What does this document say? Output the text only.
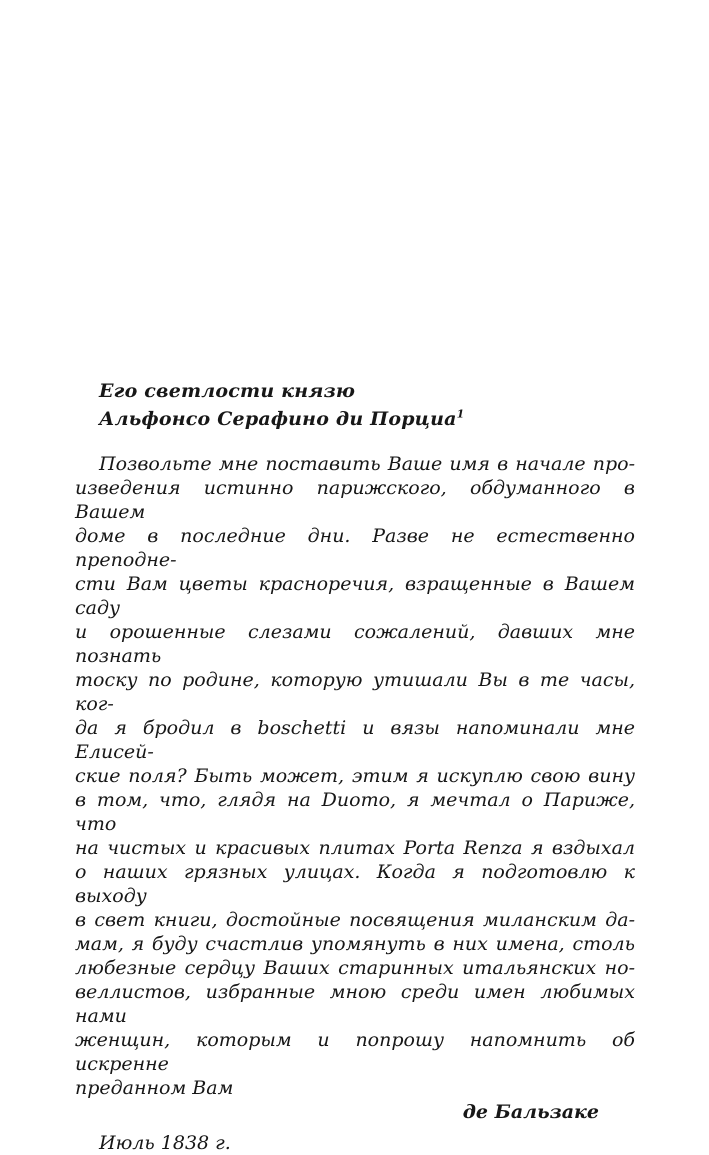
Его светлости князю
Альфонсо Серафино ди Порциа$^1$
Позвольте мне поставить Ваше имя в начале про-
изведения истинно парижского, обдуманного в Вашем
доме в последние дни. Разве не естественно преподне-
сти Вам цветы красноречия, взращенные в Вашем саду
и орошенные слезами сожалений, давших мне познать
тоску по родине, которую утишали Вы в те часы, ког-
да я бродил в boschetti и вязы напоминали мне Елисей-
ские поля? Быть может, этим я искуплю свою вину
в том, что, глядя на Duomo, я мечтал о Париже, что
на чистых и красивых плитах Porta Renza я вздыхал
о наших грязных улицах. Когда я подготовлю к выходу
в свет книги, достойные посвящения миланским да-
мам, я буду счастлив упомянуть в них имена, столь
любезные сердцу Ваших старинных итальянских но-
веллистов, избранные мною среди имен любимых нами
женщин, которым и попрошу напомнить об искренне
преданном Вам
де Бальзаке
Июль 1838 г.
